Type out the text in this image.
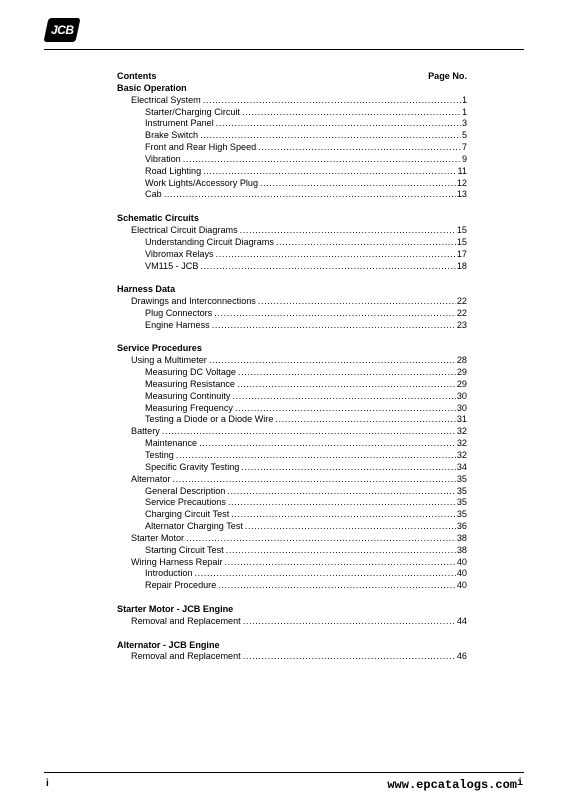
JCB
Contents	Page No.
Basic Operation
Electrical System .....	1
Starter/Charging Circuit .....	1
Instrument Panel .....	3
Brake Switch .....	5
Front and Rear High Speed .....	7
Vibration .....	9
Road Lighting .....	11
Work Lights/Accessory Plug .....	12
Cab .....	13
Schematic Circuits
Electrical Circuit Diagrams .....	15
Understanding Circuit Diagrams .....	15
Vibromax Relays .....	17
VM115 - JCB .....	18
Harness Data
Drawings and Interconnections .....	22
Plug Connectors .....	22
Engine Harness .....	23
Service Procedures
Using a Multimeter .....	28
Measuring DC Voltage .....	29
Measuring Resistance .....	29
Measuring Continuity .....	30
Measuring Frequency .....	30
Testing a Diode or a Diode Wire .....	31
Battery .....	32
Maintenance .....	32
Testing .....	32
Specific Gravity Testing .....	34
Alternator .....	35
General Description .....	35
Service Precautions .....	35
Charging Circuit Test .....	35
Alternator Charging Test .....	36
Starter Motor .....	38
Starting Circuit Test .....	38
Wiring Harness Repair .....	40
Introduction .....	40
Repair Procedure .....	40
Starter Motor - JCB Engine
Removal and Replacement .....	44
Alternator - JCB Engine
Removal and Replacement .....	46
i	www.epcatalogs.com$^i$
